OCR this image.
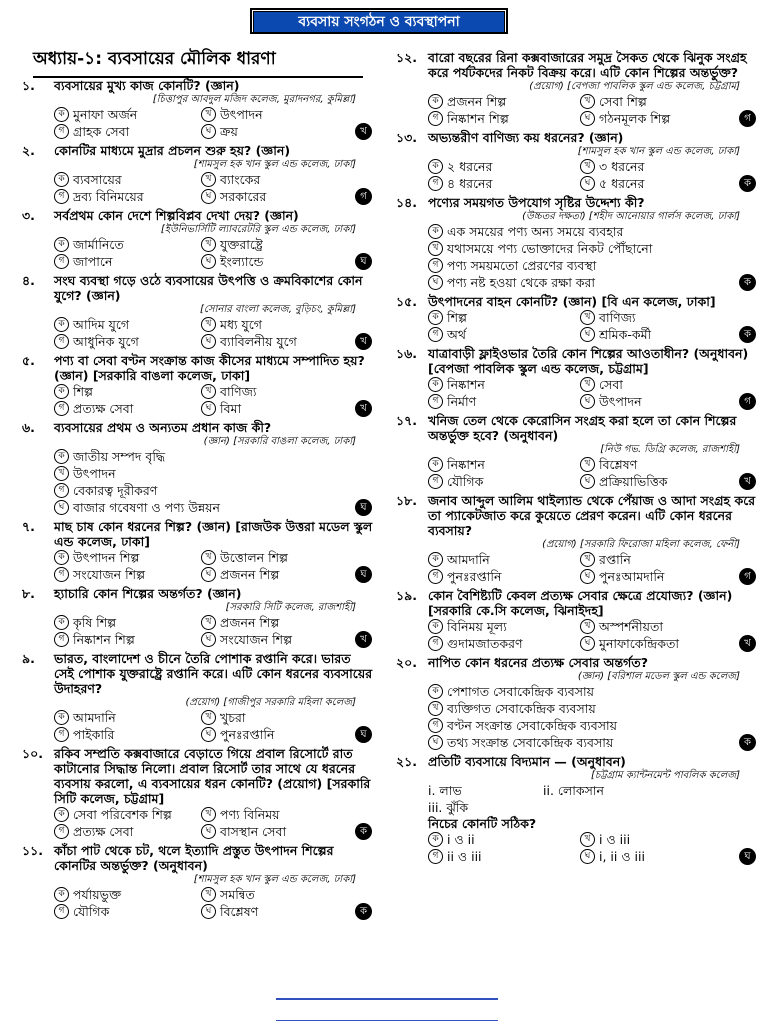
ব্যবসায় সংগঠন ও ব্যবস্থাপনা
অধ্যায়-১: ব্যবসায়ের মৌলিক ধারণা
১.	ব্যবসায়ের মুখ্য কাজ কোনটি? (জ্ঞান)
[চিত্তাপুর আবদুল মজিদ কলেজ, মুরাদনগর, কুমিল্লা]
ক মুনাফা অর্জন	খ উৎপাদন
গ গ্রাহক সেবা	ঘ ক্রয়	খ
২.	কোনটির মাধ্যমে মুদ্রার প্রচলন শুরু হয়? (জ্ঞান)
[শামসুল হক খান স্কুল এন্ড কলেজ, ঢাকা]
ক ব্যবসায়ের	খ ব্যাংকের
গ দ্রব্য বিনিময়ের	ঘ সরকারের	গ
৩.	সর্বপ্রথম কোন দেশে শিল্পবিপ্লব দেখা দেয়? (জ্ঞান)
[ইউনিভার্সিটি ল্যাবরেটরি স্কুল এন্ড কলেজ, ঢাকা]
ক জার্মানিতে	খ যুক্তরাষ্ট্রে
গ জাপানে	ঘ ইংল্যান্ডে	ঘ
৪.	সংঘ ব্যবস্থা গড়ে ওঠে ব্যবসায়ের উৎপত্তি ও ক্রমবিকাশের কোন যুগে? (জ্ঞান)
[সোনার বাংলা কলেজ, বুড়িচং, কুমিল্লা]
ক আদিম যুগে	খ মধ্য যুগে
গ আধুনিক যুগে	ঘ ব্যাবিলনীয় যুগে	খ
৫.	পণ্য বা সেবা বণ্টন সংক্রান্ত কাজ কীসের মাধ্যমে সম্পাদিত হয়? (জ্ঞান) [সরকারি বাঙলা কলেজ, ঢাকা]
ক শিল্প	খ বাণিজ্য
গ প্রত্যক্ষ সেবা	ঘ বিমা	খ
৬.	ব্যবসায়ের প্রথম ও অন্যতম প্রধান কাজ কী?
(জ্ঞান) [সরকারি বাঙলা কলেজ, ঢাকা]
ক জাতীয় সম্পদ বৃদ্ধি
খ উৎপাদন
গ বেকারত্ব দূরীকরণ
ঘ বাজার গবেষণা ও পণ্য উন্নয়ন	ঘ
৭.	মাছ চাষ কোন ধরনের শিল্প? (জ্ঞান) [রাজউক উত্তরা মডেল স্কুল এন্ড কলেজ, ঢাকা]
ক উৎপাদন শিল্প	খ উত্তোলন শিল্প
গ সংযোজন শিল্প	ঘ প্রজনন শিল্প	ঘ
৮.	হ্যাচারি কোন শিল্পের অন্তর্গত? (জ্ঞান)
[সরকারি সিটি কলেজ, রাজশাহী]
ক কৃষি শিল্প	খ প্রজনন শিল্প
গ নিষ্কাশন শিল্প	ঘ সংযোজন শিল্প	খ
৯.	ভারত, বাংলাদেশ ও চীনে তৈরি পোশাক রপ্তানি করে। ভারত সেই পোশাক যুক্তরাষ্ট্রে রপ্তানি করে। এটি কোন ধরনের ব্যবসায়ের উদাহরণ?
(প্রয়োগ) [গাজীপুর সরকারি মহিলা কলেজ]
ক আমদানি	খ খুচরা
গ পাইকারি	ঘ পুনঃরপ্তানি	ঘ
১০. রকিব সম্প্রতি কক্সবাজারে বেড়াতে গিয়ে প্রবাল রিসোর্টে রাত কাটানোর সিদ্ধান্ত নিলো। প্রবাল রিসোর্ট তার সাথে যে ধরনের ব্যবসায় করলো, এ ব্যবসায়ের ধরন কোনটি? (প্রয়োগ) [সরকারি সিটি কলেজ, চট্টগ্রাম]
ক সেবা পরিবেশক শিল্প	খ পণ্য বিনিময়
গ প্রত্যক্ষ সেবা	ঘ বাসস্থান সেবা	ক
১১. কাঁচা পাট থেকে চট, থলে ইত্যাদি প্রস্তুত উৎপাদন শিল্পের কোনটির অন্তর্ভুক্ত? (অনুধাবন)
[শামসুল হক খান স্কুল এন্ড কলেজ, ঢাকা]
ক পর্যায়ভুক্ত	খ সমন্বিত
গ যৌগিক	ঘ বিশ্লেষণ	ক
১২. বারো বছরের রিনা কক্সবাজারের সমুদ্র সৈকত থেকে ঝিনুক সংগ্রহ করে পর্যটকদের নিকট বিক্রয় করে। এটি কোন শিল্পের অন্তর্ভুক্ত?
(প্রয়োগ) [বেপজা পাবলিক স্কুল এন্ড কলেজ, চট্টগ্রাম]
ক প্রজনন শিল্প	খ সেবা শিল্প
গ নিষ্কাশন শিল্প	ঘ গঠনমূলক শিল্প	গ
১৩. অভ্যন্তরীণ বাণিজ্য কয় ধরনের? (জ্ঞান)
[শামসুল হক খান স্কুল এন্ড কলেজ, ঢাকা]
ক ২ ধরনের	খ ৩ ধরনের
গ ৪ ধরনের	ঘ ৫ ধরনের	ক
১৪. পণ্যের সময়গত উপযোগ সৃষ্টির উদ্দেশ্য কী?
(উচ্চতর দক্ষতা) [শহীদ আনোয়ার গার্লস কলেজ, ঢাকা]
ক এক সময়ের পণ্য অন্য সময়ে ব্যবহার
খ যথাসময়ে পণ্য ভোক্তাদের নিকট পৌঁছানো
গ পণ্য সময়মতো প্রেরণের ব্যবস্থা
ঘ পণ্য নষ্ট হওয়া থেকে রক্ষা করা	ক
১৫. উৎপাদনের বাহন কোনটি? (জ্ঞান) [বি এন কলেজ, ঢাকা]
ক শিল্প	খ বাণিজ্য
গ অর্থ	ঘ শ্রমিক-কর্মী	ক
১৬. যাত্রাবাড়ী ফ্লাইওভার তৈরি কোন শিল্পের আওতাধীন? (অনুধাবন) [বেপজা পাবলিক স্কুল এন্ড কলেজ, চট্টগ্রাম]
ক নিষ্কাশন	খ সেবা
গ নির্মাণ	ঘ উৎপাদন	গ
১৭. খনিজ তেল থেকে কেরোসিন সংগ্রহ করা হলে তা কোন শিল্পের অন্তর্ভুক্ত হবে? (অনুধাবন)
[নিউ গভ. ডিগ্রি কলেজ, রাজশাহী]
ক নিষ্কাশন	খ বিশ্লেষণ
গ যৌগিক	ঘ প্রক্রিয়াভিত্তিক	খ
১৮. জনাব আব্দুল আলিম থাইল্যান্ড থেকে পেঁয়াজ ও আদা সংগ্রহ করে তা প্যাকেটজাত করে কুয়েতে প্রেরণ করেন। এটি কোন ধরনের ব্যবসায়?
(প্রয়োগ) [সরকারি ফিরোজা মহিলা কলেজ, ফেনী]
ক আমদানি	খ রপ্তানি
গ পুনঃরপ্তানি	ঘ পুনঃআমদানি	গ
১৯. কোন বৈশিষ্ট্যটি কেবল প্রত্যক্ষ সেবার ক্ষেত্রে প্রযোজ্য? (জ্ঞান) [সরকারি কে.সি কলেজ, ঝিনাইদহ]
ক বিনিময় মূল্য	খ অস্পর্শনীয়তা
গ গুদামজাতকরণ	ঘ মুনাফাকেন্দ্রিকতা	খ
২০. নাপিত কোন ধরনের প্রত্যক্ষ সেবার অন্তর্গত?
(জ্ঞান) [বরিশাল মডেল স্কুল এন্ড কলেজ]
ক পেশাগত সেবাকেন্দ্রিক ব্যবসায়
খ ব্যক্তিগত সেবাকেন্দ্রিক ব্যবসায়
গ বণ্টন সংক্রান্ত সেবাকেন্দ্রিক ব্যবসায়
ঘ তথ্য সংক্রান্ত সেবাকেন্দ্রিক ব্যবসায়	ক
২১. প্রতিটি ব্যবসায়ে বিদ্যমান — (অনুধাবন)
[চট্টগ্রাম ক্যান্টনমেন্ট পাবলিক কলেজ]
i. লাভ	ii. লোকসান
iii. ঝুঁকি
নিচের কোনটি সঠিক?
ক i ও ii	খ i ও iii
গ ii ও iii	ঘ i, ii ও iii	ঘ
